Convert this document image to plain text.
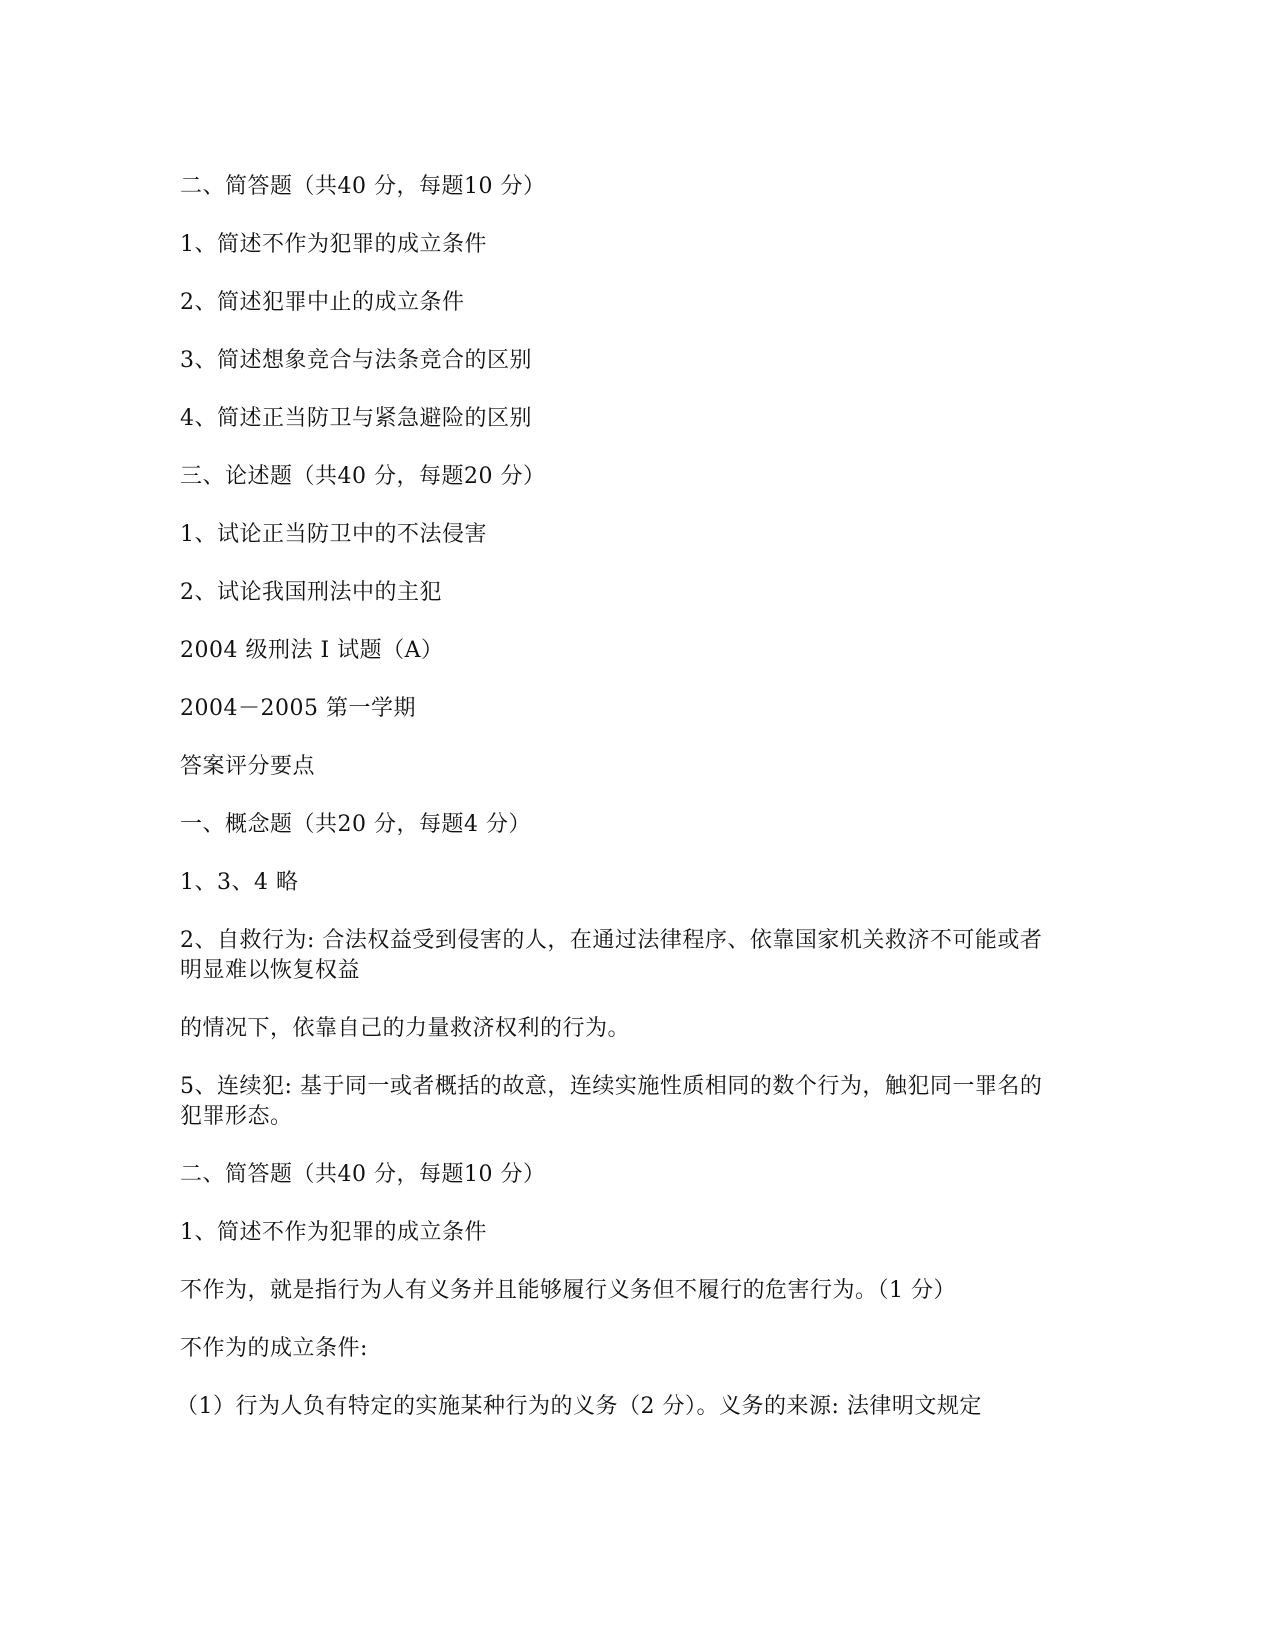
二、简答题（共40 分，每题10 分）
1、简述不作为犯罪的成立条件
2、简述犯罪中止的成立条件
3、简述想象竞合与法条竞合的区别
4、简述正当防卫与紧急避险的区别
三、论述题（共40 分，每题20 分）
1、试论正当防卫中的不法侵害
2、试论我国刑法中的主犯
2004 级刑法 I 试题（A）
2004－2005 第一学期
答案评分要点
一、概念题（共20 分，每题4 分）
1、3、4 略
2、自救行为: 合法权益受到侵害的人，在通过法律程序、依靠国家机关救济不可能或者明显难以恢复权益
的情况下，依靠自己的力量救济权利的行为。
5、连续犯: 基于同一或者概括的故意，连续实施性质相同的数个行为，触犯同一罪名的犯罪形态。
二、简答题（共40 分，每题10 分）
1、简述不作为犯罪的成立条件
不作为，就是指行为人有义务并且能够履行义务但不履行的危害行为。（1 分）
不作为的成立条件:
（1）行为人负有特定的实施某种行为的义务（2 分）。义务的来源: 法律明文规定
